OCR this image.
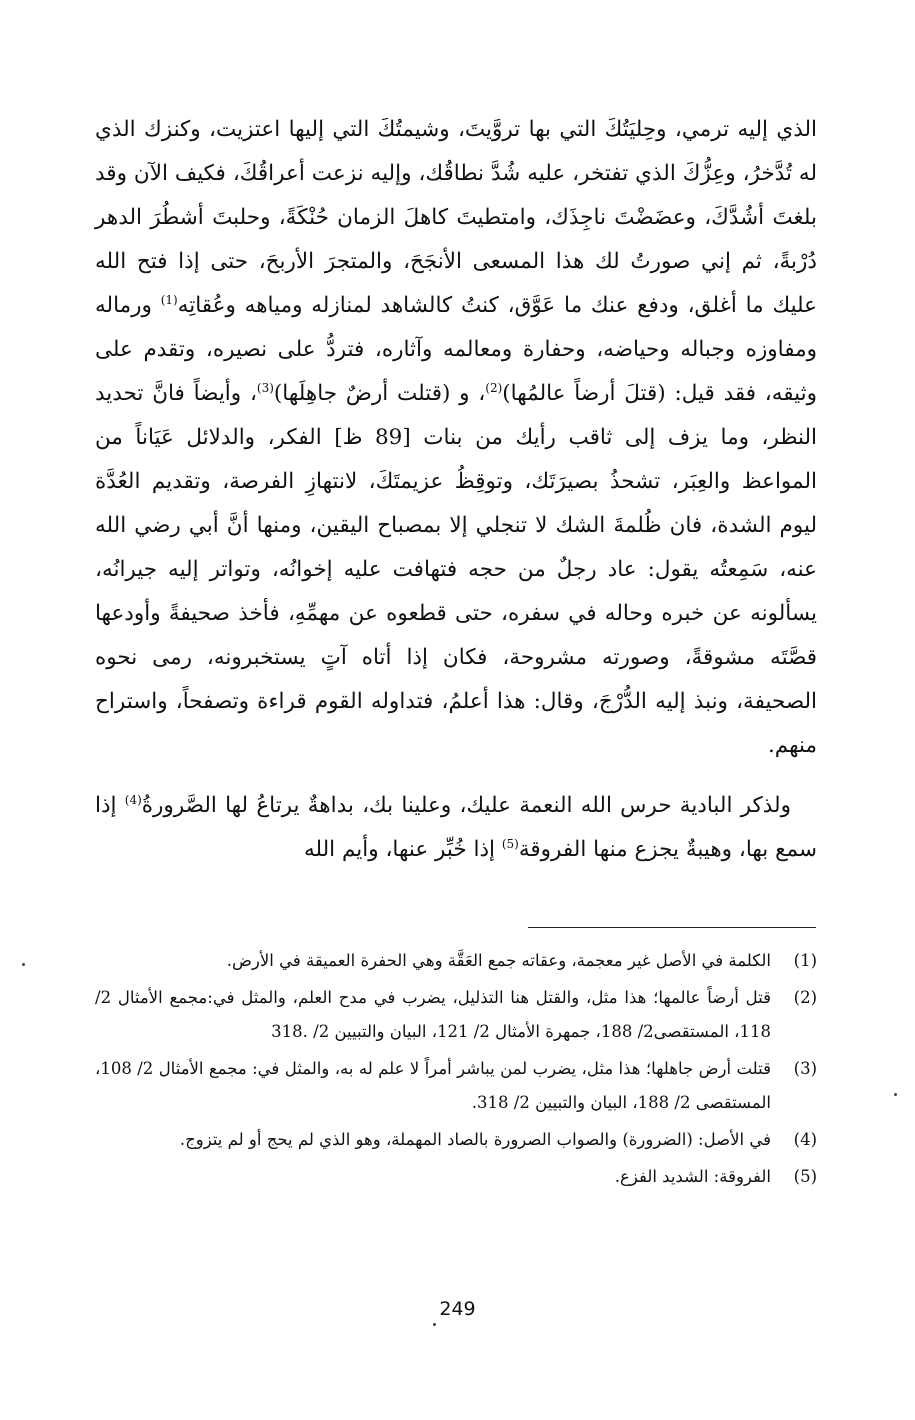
الذي إليه ترمي، وحِليَتُكَ التي بها تروَّيتَ، وشيمتُكَ التي إليها اعتزيت، وكنزك الذي له تُدَّخرُ، وعِزُّكَ الذي تفتخر، عليه شُدَّ نطاقُك، وإليه نزعت أعراقُكَ، فكيف الآن وقد بلغتَ أشُدَّكَ، وعضَضْتَ ناجِذَك، وامتطيتَ كاهلَ الزمان حُنْكَةً، وحلبتَ أشطُرَ الدهر دُرْبةً، ثم إني صورتُ لك هذا المسعى الأنجَحَ، والمتجرَ الأربحَ، حتى إذا فتح الله عليك ما أغلق، ودفع عنك ما عَوَّق، كنتُ كالشاهد لمنازله ومياهه وعُقاتِه$^{(1)}$ ورماله ومفاوزه وجباله وحياضه، وحفارة ومعالمه وآثاره، فتردُّ على نصيره، وتقدم على وثيقه، فقد قيل: (قتلَ أرضاً عالمُها)$^{(2)}$، و (قتلت أرضٌ جاهِلَها)$^{(3)}$، وأيضاً فانَّ تحديد النظر، وما يزف إلى ثاقب رأيك من بنات [89 ظ] الفكر، والدلائل عَيَاناً من المواعظ والعِبَر، تشحذُ بصيرَتَك، وتوقِظُ عزيمتَكَ، لانتهازِ الفرصة، وتقديم العُدَّة ليوم الشدة، فان ظُلمةَ الشك لا تنجلي إلا بمصباح اليقين، ومنها أنَّ أبي رضي الله عنه، سَمِعتُه يقول: عاد رجلٌ من حجه فتهافت عليه إخوانُه، وتواتر إليه جيرانُه، يسألونه عن خبره وحاله في سفره، حتى قطعوه عن مهمِّهِ، فأخذ صحيفةً وأودعها قصَّتَه مشوقةً، وصورته مشروحة، فكان إذا أتاه آتٍ يستخبرونه، رمى نحوه الصحيفة، ونبذ إليه الدُّرْجَ، وقال: هذا أعلمُ، فتداوله القوم قراءة وتصفحاً، واستراح منهم.

ولذكر البادية حرس الله النعمة عليك، وعلينا بك، بداهةٌ يرتاعُ لها الصَّرورةُ$^{(4)}$ إذا سمع بها، وهيبةٌ يجزع منها الفروقة$^{(5)}$ إذا خُبِّر عنها، وأيم الله

(1)
الكلمة في الأصل غير معجمة، وعقاته جمع العَقَّة وهي الحفرة العميقة في الأرض.
(2)
قتل أرضاً عالمها؛ هذا مثل، والقتل هنا التذليل، يضرب في مدح العلم، والمثل في:مجمع الأمثال 2/ 118، المستقصى2/ 188، جمهرة الأمثال 2/ 121، البيان والتبيين 2/ .318
(3)
قتلت أرض جاهلها؛ هذا مثل، يضرب لمن يباشر أمراً لا علم له به، والمثل في: مجمع الأمثال 2/ 108، المستقصى 2/ 188، البيان والتبيين 2/ 318.
(4)
في الأصل: (الضرورة) والصواب الصرورة بالصاد المهملة، وهو الذي لم يحج أو لم يتزوج.
(5)
الفروقة: الشديد الفزع.
249
